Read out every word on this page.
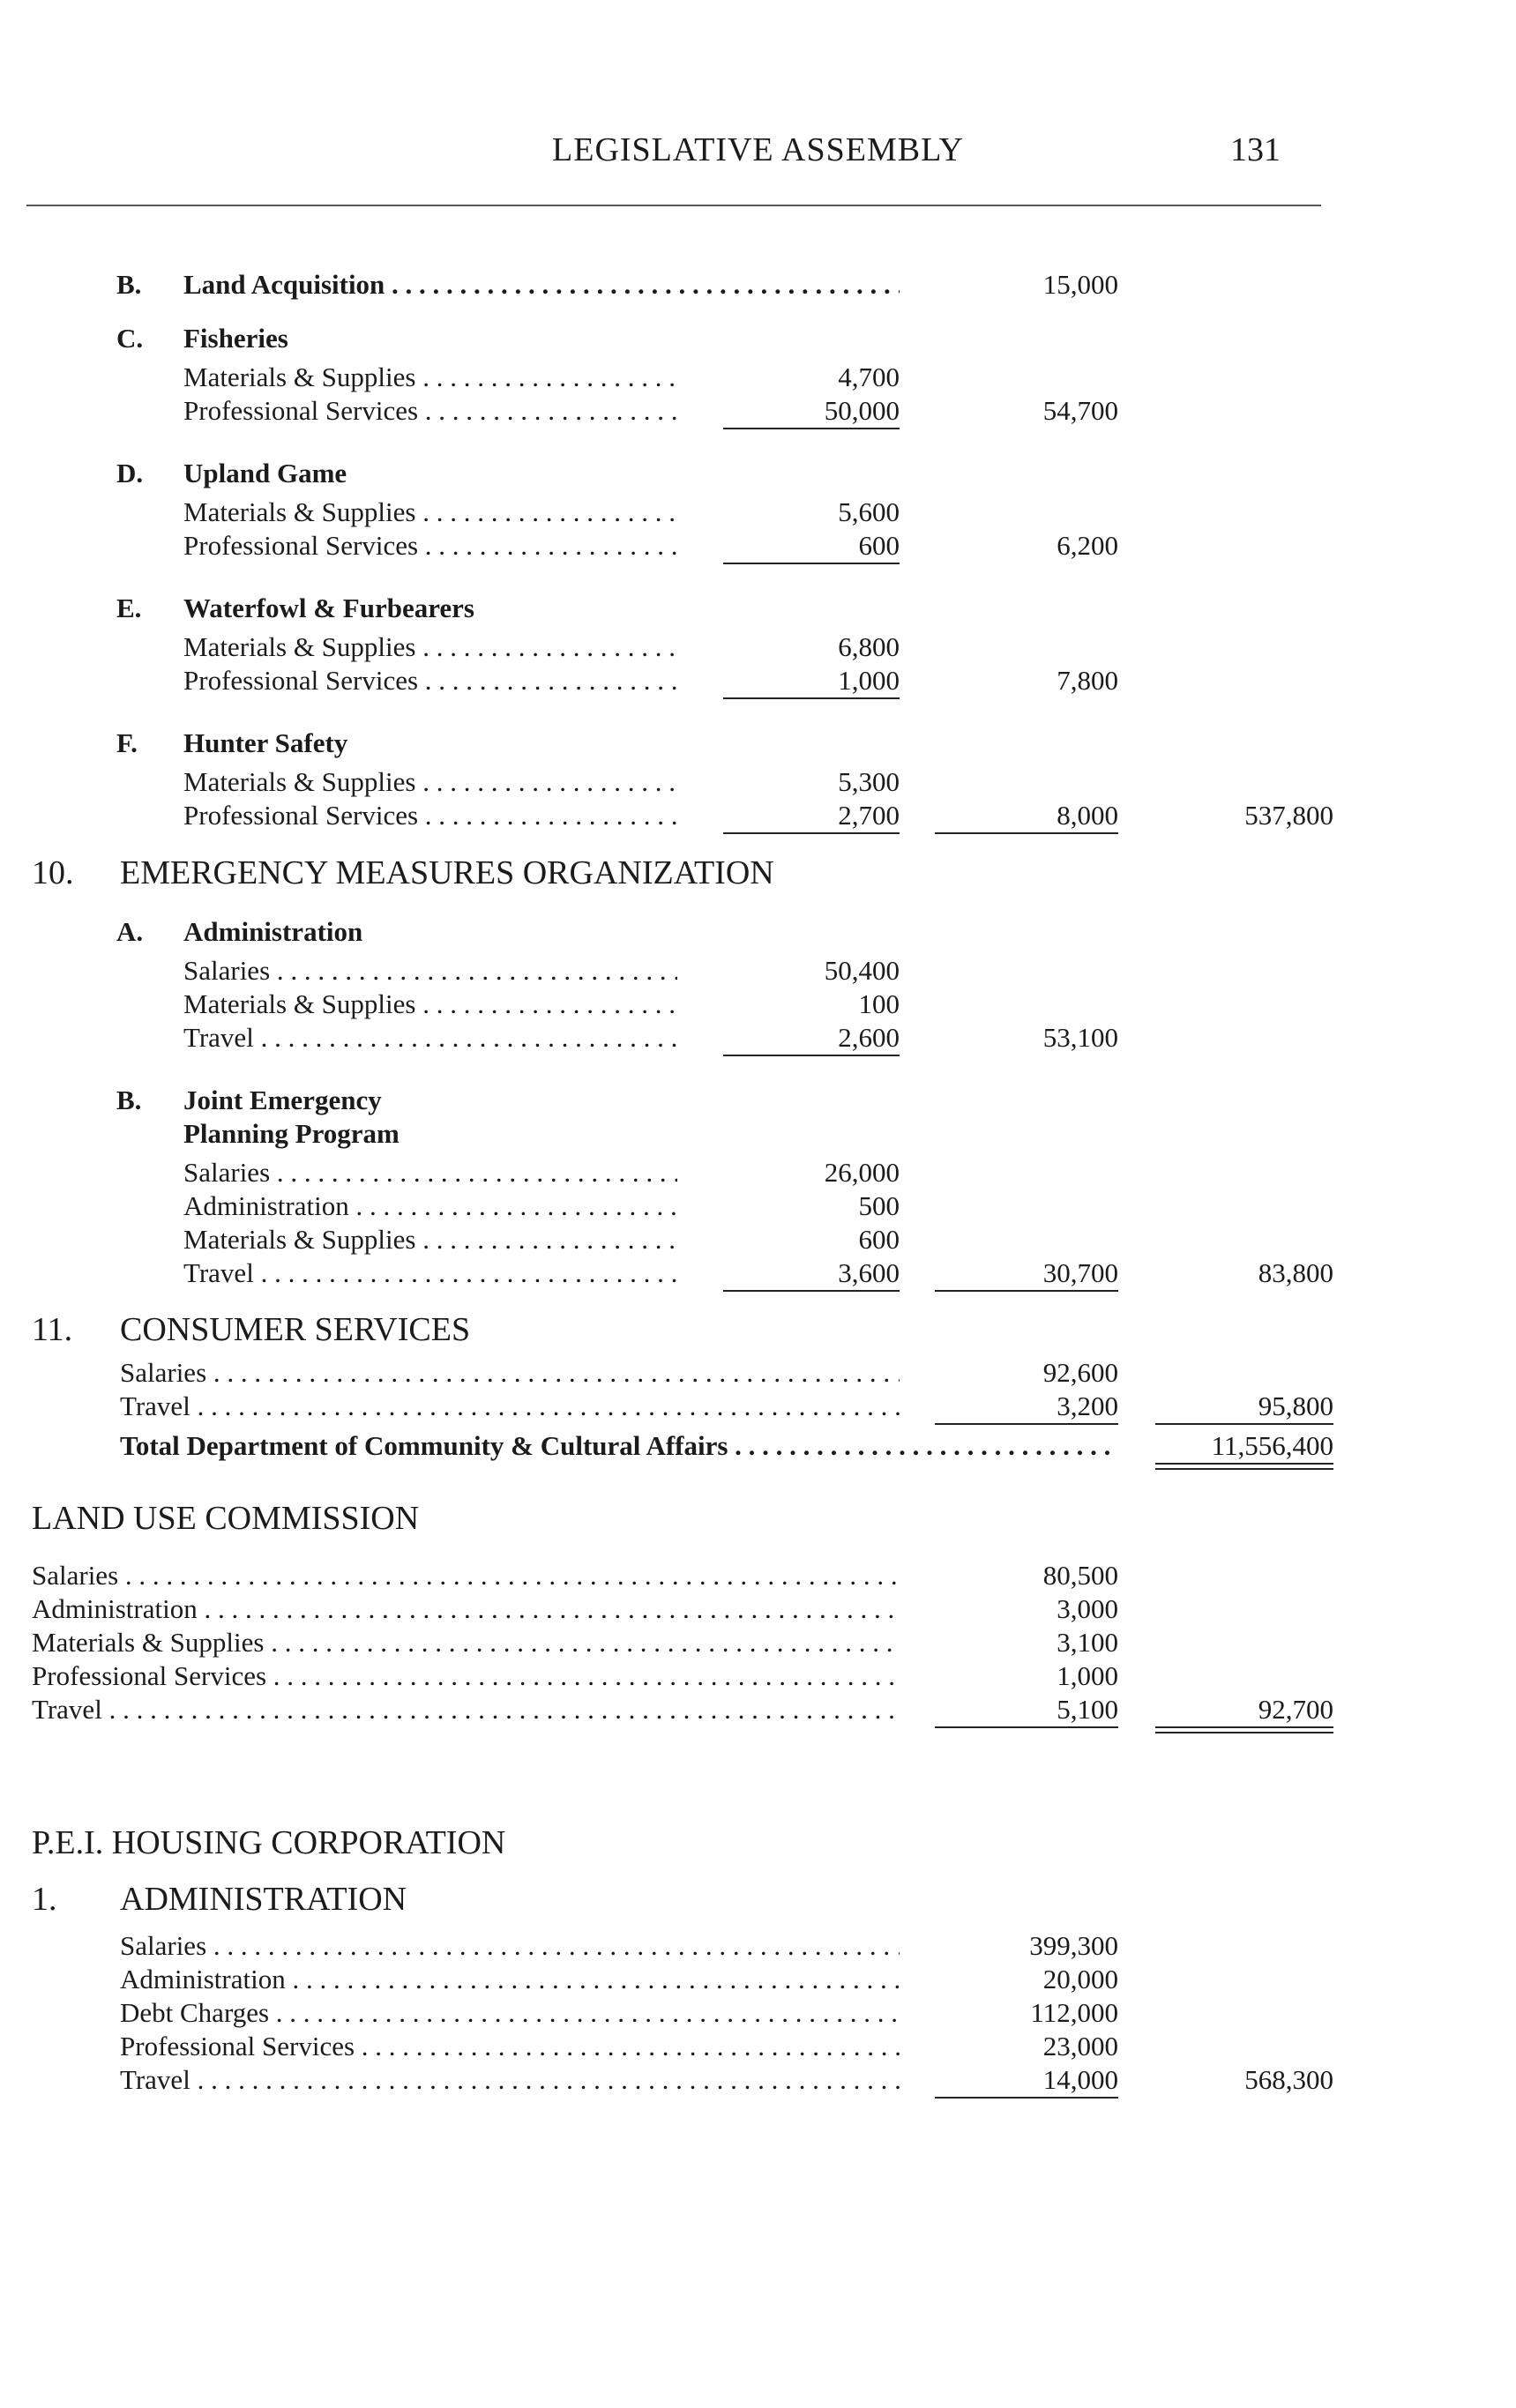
LEGISLATIVE ASSEMBLY	131
B. Land Acquisition . . .	15,000
C. Fisheries
Materials & Supplies . . .	4,700
Professional Services . . .	50,000	54,700
D. Upland Game
Materials & Supplies . . .	5,600
Professional Services . . .	600	6,200
E. Waterfowl & Furbearers
Materials & Supplies . . .	6,800
Professional Services . . .	1,000	7,800
F. Hunter Safety
Materials & Supplies . . .	5,300
Professional Services . . .	2,700	8,000	537,800
10. EMERGENCY MEASURES ORGANIZATION
A. Administration
Salaries . . .	50,400
Materials & Supplies . . .	100
Travel . . .	2,600	53,100
B. Joint Emergency
Planning Program
Salaries . . .	26,000
Administration . . .	500
Materials & Supplies . . .	600
Travel . . .	3,600	30,700	83,800
11. CONSUMER SERVICES
Salaries . . .	92,600
Travel . . .	3,200	95,800
Total Department of Community & Cultural Affairs . . .	11,556,400
LAND USE COMMISSION
Salaries . . .	80,500
Administration . . .	3,000
Materials & Supplies . . .	3,100
Professional Services . . .	1,000
Travel . . .	5,100	92,700
P.E.I. HOUSING CORPORATION
1. ADMINISTRATION
Salaries . . .	399,300
Administration . . .	20,000
Debt Charges . . .	112,000
Professional Services . . .	23,000
Travel . . .	14,000	568,300
